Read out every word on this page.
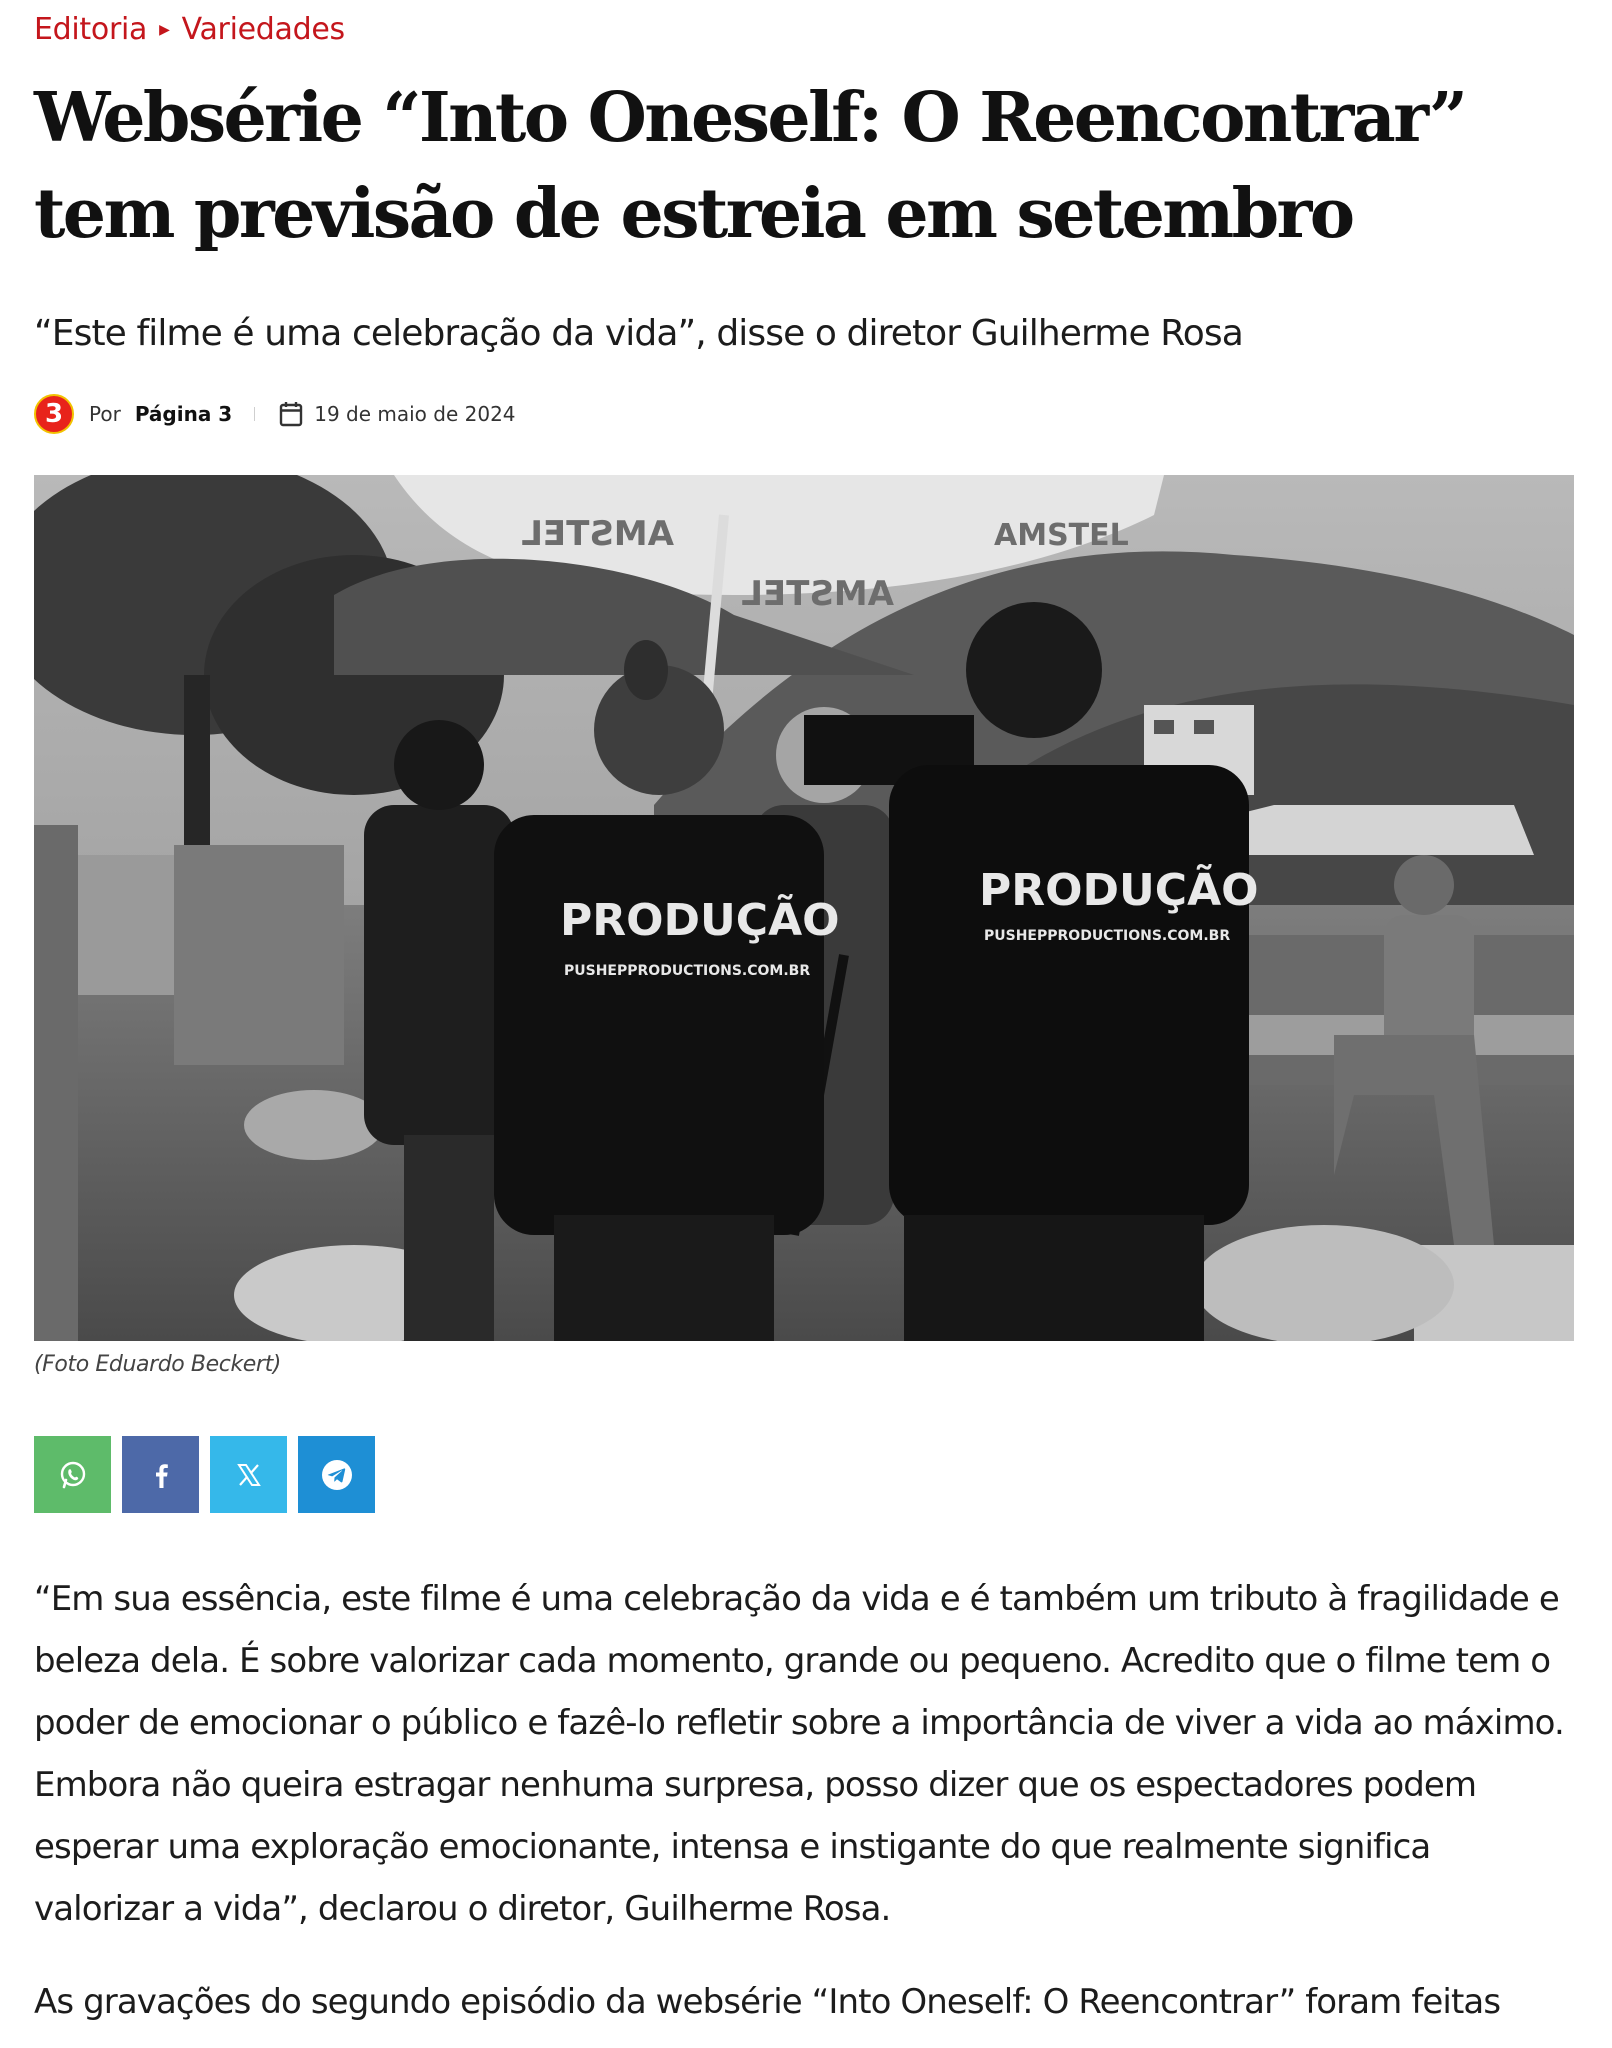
Editoria ▶ Variedades
Websérie “Into Oneself: O Reencontrar” tem previsão de estreia em setembro
“Este filme é uma celebração da vida”, disse o diretor Guilherme Rosa
3 Por Página 3	19 de maio de 2024
AMSTEL
AMSTEL
AMSTEL
PRODUÇÃO
PUSHEPPRODUCTIONS.COM.BR
PRODUÇÃO
PUSHEPPRODUCTIONS.COM.BR
(Foto Eduardo Beckert)

“Em sua essência, este filme é uma celebração da vida e é também um tributo à fragilidade e beleza dela. É sobre valorizar cada momento, grande ou pequeno. Acredito que o filme tem o poder de emocionar o público e fazê-lo refletir sobre a importância de viver a vida ao máximo. Embora não queira estragar nenhuma surpresa, posso dizer que os espectadores podem esperar uma exploração emocionante, intensa e instigante do que realmente significa valorizar a vida”, declarou o diretor, Guilherme Rosa.

As gravações do segundo episódio da websérie “Into Oneself: O Reencontrar” foram feitas
